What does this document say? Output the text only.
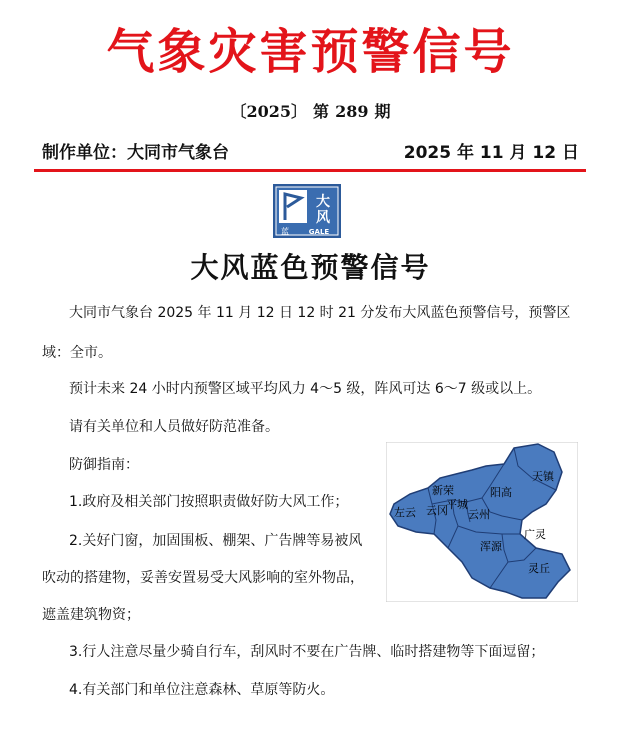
气象灾害预警信号
〔2025〕 第 289 期
制作单位：大同市气象台	2025 年 11 月 12 日
大
风
蓝	GALE
大风蓝色预警信号
大同市气象台 2025 年 11 月 12 日 12 时 21 分发布大风蓝色预警信号，预警区
域：全市。
预计未来 24 小时内预警区域平均风力 4～5 级，阵风可达 6～7 级或以上。
请有关单位和人员做好防范准备。
防御指南：
1.政府及相关部门按照职责做好防大风工作；
2.关好门窗，加固围板、棚架、广告牌等易被风
吹动的搭建物，妥善安置易受大风影响的室外物品，
遮盖建筑物资；
3.行人注意尽量少骑自行车，刮风时不要在广告牌、临时搭建物等下面逗留；
4.有关部门和单位注意森林、草原等防火。
天镇
新荣	阳高
左云 云冈
平城
云州
广灵
浑源
灵丘
